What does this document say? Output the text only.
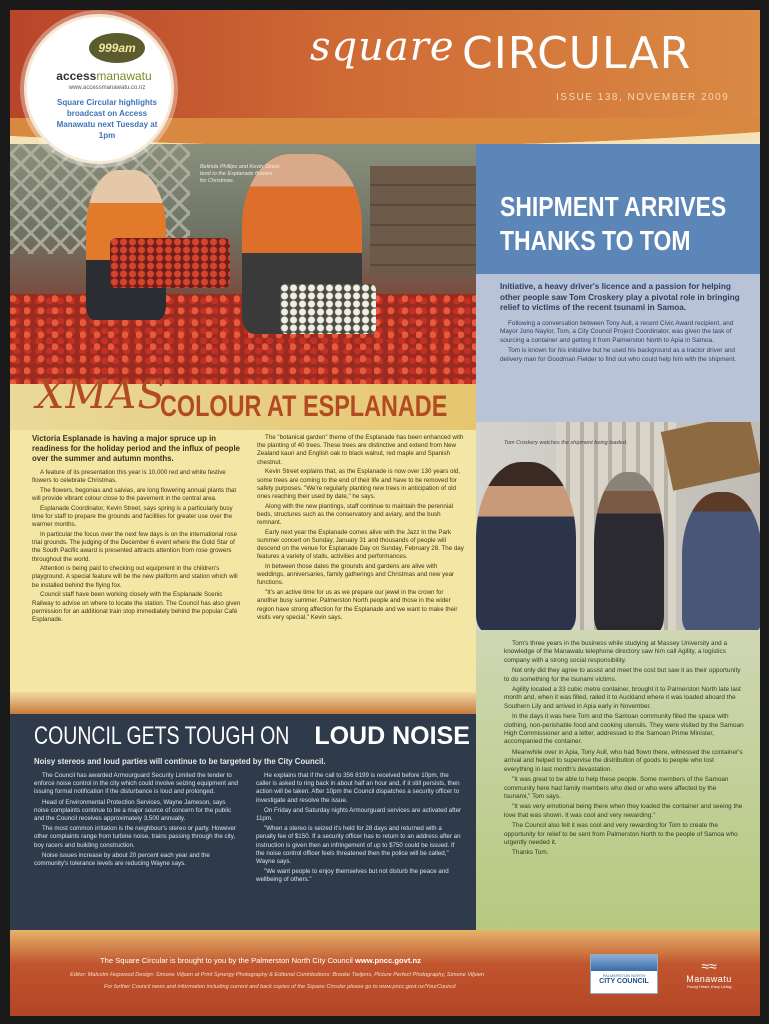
square CIRCULAR
ISSUE 138, NOVEMBER 2009
999am
accessmanawatu
www.accessmanawatu.co.nz
Square Circular highlights broadcast on Access Manawatu next Tuesday at 1pm
Belinda Phillips and Kevin Street tend to the Esplanade flowers for Christmas.
SHIPMENT ARRIVES THANKS TO TOM
Initiative, a heavy driver's licence and a passion for helping other people saw Tom Croskery play a pivotal role in bringing relief to victims of the recent tsunami in Samoa.

Following a conversation between Tony Aull, a recent Civic Award recipient, and Mayor Jono Naylor, Tom, a City Council Project Coordinator, was given the task of sourcing a container and getting it from Palmerston North to Apia in Samoa.

Tom is known for his initiative but he used his background as a tractor driver and delivery man for Goodman Fielder to find out who could help him with the shipment.

Tom Croskery watches the shipment being loaded.

Tom's three years in the business while studying at Massey University and a knowledge of the Manawatu telephone directory saw him call Agility, a logistics company with a strong social responsibility.

Not only did they agree to assist and meet the cost but saw it as their opportunity to do something for the tsunami victims.

Agility located a 33 cubic metre container, brought it to Palmerston North late last month and, when it was filled, railed it to Auckland where it was loaded aboard the Southern Lily and arrived in Apia early in November.

In the days it was here Tom and the Samoan community filled the space with clothing, non-perishable food and cooking utensils. They were visited by the Samoan High Commissioner and a letter, addressed to the Samoan Prime Minister, accompanied the container.

Meanwhile over in Apia, Tony Aull, who had flown there, witnessed the container's arrival and helped to supervise the distribution of goods to people who lost everything in last month's devastation.

"It was great to be able to help these people. Some members of the Samoan community here had family members who died or who were affected by the tsunami," Tom says.

"It was very emotional being there when they loaded the container and seeing the love that was shown. It was cool and very rewarding."

The Council also felt it was cool and very rewarding for Tom to create the opportunity for relief to be sent from Palmerston North to the people of Samoa who urgently needed it.

Thanks Tom.

XMAS
COLOUR AT ESPLANADE
Victoria Esplanade is having a major spruce up in readiness for the holiday period and the influx of people over the summer and autumn months.

A feature of its presentation this year is 10,000 red and white festive flowers to celebrate Christmas.

The flowers, begonias and salvias, are long flowering annual plants that will provide vibrant colour close to the pavement in the central area.

Esplanade Coordinator, Kevin Street, says spring is a particularly busy time for staff to prepare the grounds and facilities for greater use over the warmer months.

In particular the focus over the next few days is on the international rose trial grounds. The judging of the December 6 event where the Gold Star of the South Pacific award is presented attracts attention from rose growers throughout the world.

Attention is being paid to checking out equipment in the children's playground. A special feature will be the new platform and station which will be installed behind the flying fox.

Council staff have been working closely with the Esplanade Scenic Railway to advise on where to locate the station. The Council has also given permission for an additional train stop immediately behind the popular Café Esplanade.

The "botanical garden" theme of the Esplanade has been enhanced with the planting of 40 trees. These trees are distinctive and extend from New Zealand kauri and English oak to black walnut, red maple and Spanish chestnut.

Kevin Street explains that, as the Esplanade is now over 130 years old, some trees are coming to the end of their life and have to be removed for safety purposes. "We're regularly planting new trees in anticipation of old ones reaching their used by date," he says.

Along with the new plantings, staff continue to maintain the perennial beds, structures such as the conservatory and aviary, and the bush remnant.

Early next year the Esplanade comes alive with the Jazz In the Park summer concert on Sunday, January 31 and thousands of people will descend on the venue for Esplanade Day on Sunday, February 28. The day features a variety of stalls, activities and performances.

In between those dates the grounds and gardens are alive with weddings, anniversaries, family gatherings and Christmas and new year functions.

"It's an active time for us as we prepare our jewel in the crown for another busy summer. Palmerston North people and those in the wider region have strong affection for the Esplanade and we want to make their visits very special," Kevin says.

COUNCIL GETS TOUGH ON LOUD NOISE
Noisy stereos and loud parties will continue to be targeted by the City Council.

The Council has awarded Armourguard Security Limited the tender to enforce noise control in the city which could involve seizing equipment and issuing formal notification if the disturbance is loud and prolonged.

Head of Environmental Protection Services, Wayne Jameson, says noise complaints continue to be a major source of concern for the public and the Council receives approximately 3,500 annually.

The most common irritation is the neighbour's stereo or party. However other complaints range from turbine noise, trains passing through the city, boy racers and building construction.

Noise issues increase by about 20 percent each year and the community's tolerance levels are reducing Wayne says.

He explains that if the call to 356 8199 is received before 10pm, the caller is asked to ring back in about half an hour and, if it still persists, then action will be taken. After 10pm the Council dispatches a security officer to investigate and resolve the issue.

On Friday and Saturday nights Armourguard services are activated after 11pm.

"When a stereo is seized it's held for 28 days and returned with a penalty fee of $150. If a security officer has to return to an address after an instruction is given then an infringement of up to $750 could be issued. If the noise control officer feels threatened then the police will be called," Wayne says.

"We want people to enjoy themselves but not disturb the peace and wellbeing of others."

The Square Circular is brought to you by the Palmerston North City Council www.pncc.govt.nz
Editor: Malcolm Hopwood Design: Simone Viljoen at Print Synergy Photography & Editorial Contributions: Brooke Tietjens, Picture Perfect Photography, Simone Viljoen
For further Council news and information including current and back copies of the Square Circular please go to www.pncc.govt.nz/YourCouncil
PALMERSTON NORTH
CITY COUNCIL
≈≈
Manawatu
Young Heart, Easy Living
